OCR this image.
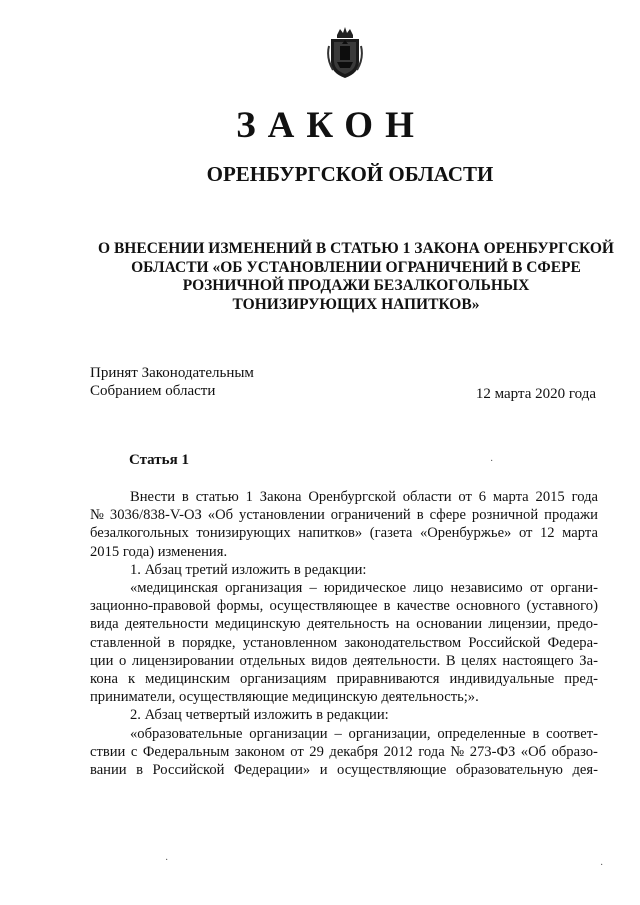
ЗАКОН
ОРЕНБУРГСКОЙ ОБЛАСТИ
О ВНЕСЕНИИ ИЗМЕНЕНИЙ В СТАТЬЮ 1 ЗАКОНА ОРЕНБУРГСКОЙ
ОБЛАСТИ «ОБ УСТАНОВЛЕНИИ ОГРАНИЧЕНИЙ В СФЕРЕ
РОЗНИЧНОЙ ПРОДАЖИ БЕЗАЛКОГОЛЬНЫХ
ТОНИЗИРУЮЩИХ НАПИТКОВ»
Принят Законодательным
Собранием области	12 марта 2020 года
Статья 1
Внести в статью 1 Закона Оренбургской области от 6 марта 2015 года
№ 3036/838-V-ОЗ «Об установлении ограничений в сфере розничной продажи
безалкогольных тонизирующих напитков» (газета «Оренбуржье» от 12 марта
2015 года) изменения.
1. Абзац третий изложить в редакции:
«медицинская организация – юридическое лицо независимо от органи-
зационно-правовой формы, осуществляющее в качестве основного (уставного)
вида деятельности медицинскую деятельность на основании лицензии, предо-
ставленной в порядке, установленном законодательством Российской Федера-
ции о лицензировании отдельных видов деятельности. В целях настоящего За-
кона к медицинским организациям приравниваются индивидуальные пред-
приниматели, осуществляющие медицинскую деятельность;».
2. Абзац четвертый изложить в редакции:
«образовательные организации – организации, определенные в соответ-
ствии с Федеральным законом от 29 декабря 2012 года № 273-ФЗ «Об образо-
вании в Российской Федерации» и осуществляющие образовательную дея-
·
·	·
